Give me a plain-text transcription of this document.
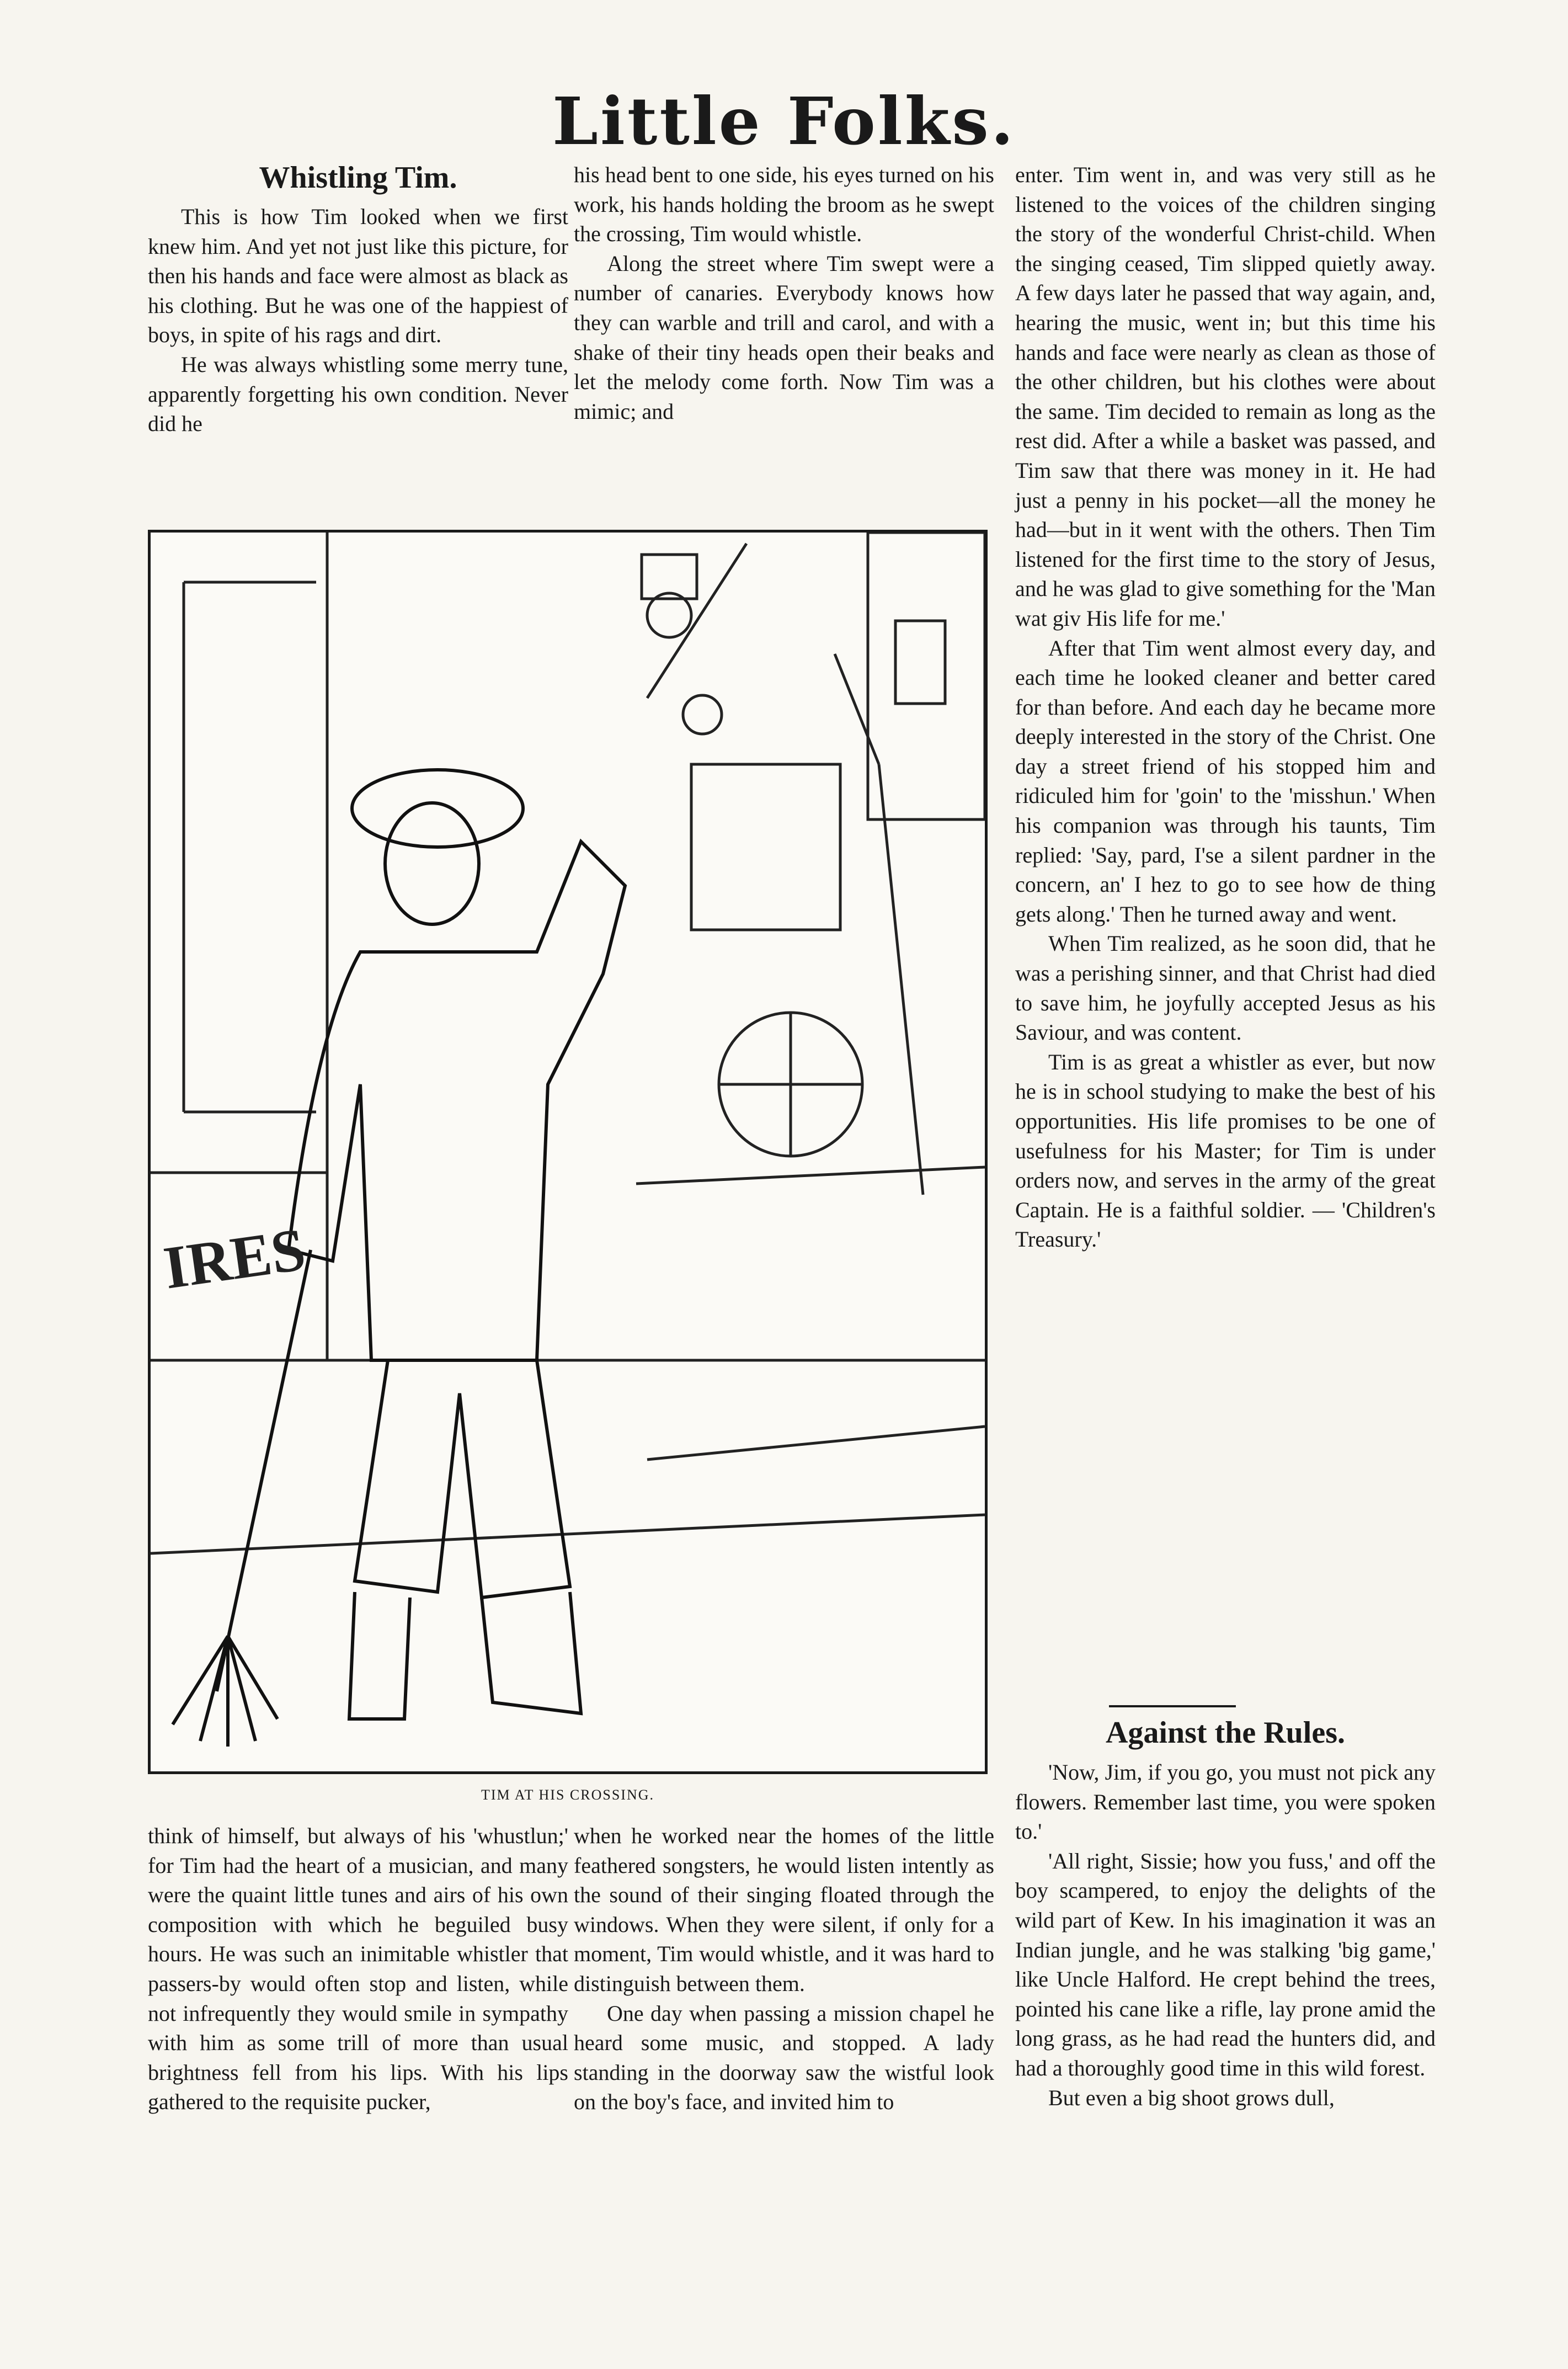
Little Folks.
Whistling Tim.

This is how Tim looked when we first knew him. And yet not just like this picture, for then his hands and face were almost as black as his clothing. But he was one of the happiest of boys, in spite of his rags and dirt.

He was always whistling some merry tune, apparently forgetting his own condition. Never did he

his head bent to one side, his eyes turned on his work, his hands holding the broom as he swept the crossing, Tim would whistle.

Along the street where Tim swept were a number of canaries. Everybody knows how they can warble and trill and carol, and with a shake of their tiny heads open their beaks and let the melody come forth. Now Tim was a mimic; and

enter. Tim went in, and was very still as he listened to the voices of the children singing the story of the wonderful Christ-child. When the singing ceased, Tim slipped quietly away. A few days later he passed that way again, and, hearing the music, went in; but this time his hands and face were nearly as clean as those of the other children, but his clothes were about the same. Tim decided to remain as long as the rest did. After a while a basket was passed, and Tim saw that there was money in it. He had just a penny in his pocket—all the money he had—but in it went with the others. Then Tim listened for the first time to the story of Jesus, and he was glad to give something for the 'Man wat giv His life for me.'

After that Tim went almost every day, and each time he looked cleaner and better cared for than before. And each day he became more deeply interested in the story of the Christ. One day a street friend of his stopped him and ridiculed him for 'goin' to the 'misshun.' When his companion was through his taunts, Tim replied: 'Say, pard, I'se a silent pardner in the concern, an' I hez to go to see how de thing gets along.' Then he turned away and went.

When Tim realized, as he soon did, that he was a perishing sinner, and that Christ had died to save him, he joyfully accepted Jesus as his Saviour, and was content.

Tim is as great a whistler as ever, but now he is in school studying to make the best of his opportunities. His life promises to be one of usefulness for his Master; for Tim is under orders now, and serves in the army of the great Captain. He is a faithful soldier. — 'Children's Treasury.'

IRES
TIM AT HIS CROSSING.

think of himself, but always of his 'whustlun;' for Tim had the heart of a musician, and many were the quaint little tunes and airs of his own composition with which he beguiled busy hours. He was such an inimitable whistler that passers-by would often stop and listen, while not infrequently they would smile in sympathy with him as some trill of more than usual brightness fell from his lips. With his lips gathered to the requisite pucker,

when he worked near the homes of the little feathered songsters, he would listen intently as the sound of their singing floated through the windows. When they were silent, if only for a moment, Tim would whistle, and it was hard to distinguish between them.

One day when passing a mission chapel he heard some music, and stopped. A lady standing in the doorway saw the wistful look on the boy's face, and invited him to

Against the Rules.

'Now, Jim, if you go, you must not pick any flowers. Remember last time, you were spoken to.'

'All right, Sissie; how you fuss,' and off the boy scampered, to enjoy the delights of the wild part of Kew. In his imagination it was an Indian jungle, and he was stalking 'big game,' like Uncle Halford. He crept behind the trees, pointed his cane like a rifle, lay prone amid the long grass, as he had read the hunters did, and had a thoroughly good time in this wild forest.

But even a big shoot grows dull,
